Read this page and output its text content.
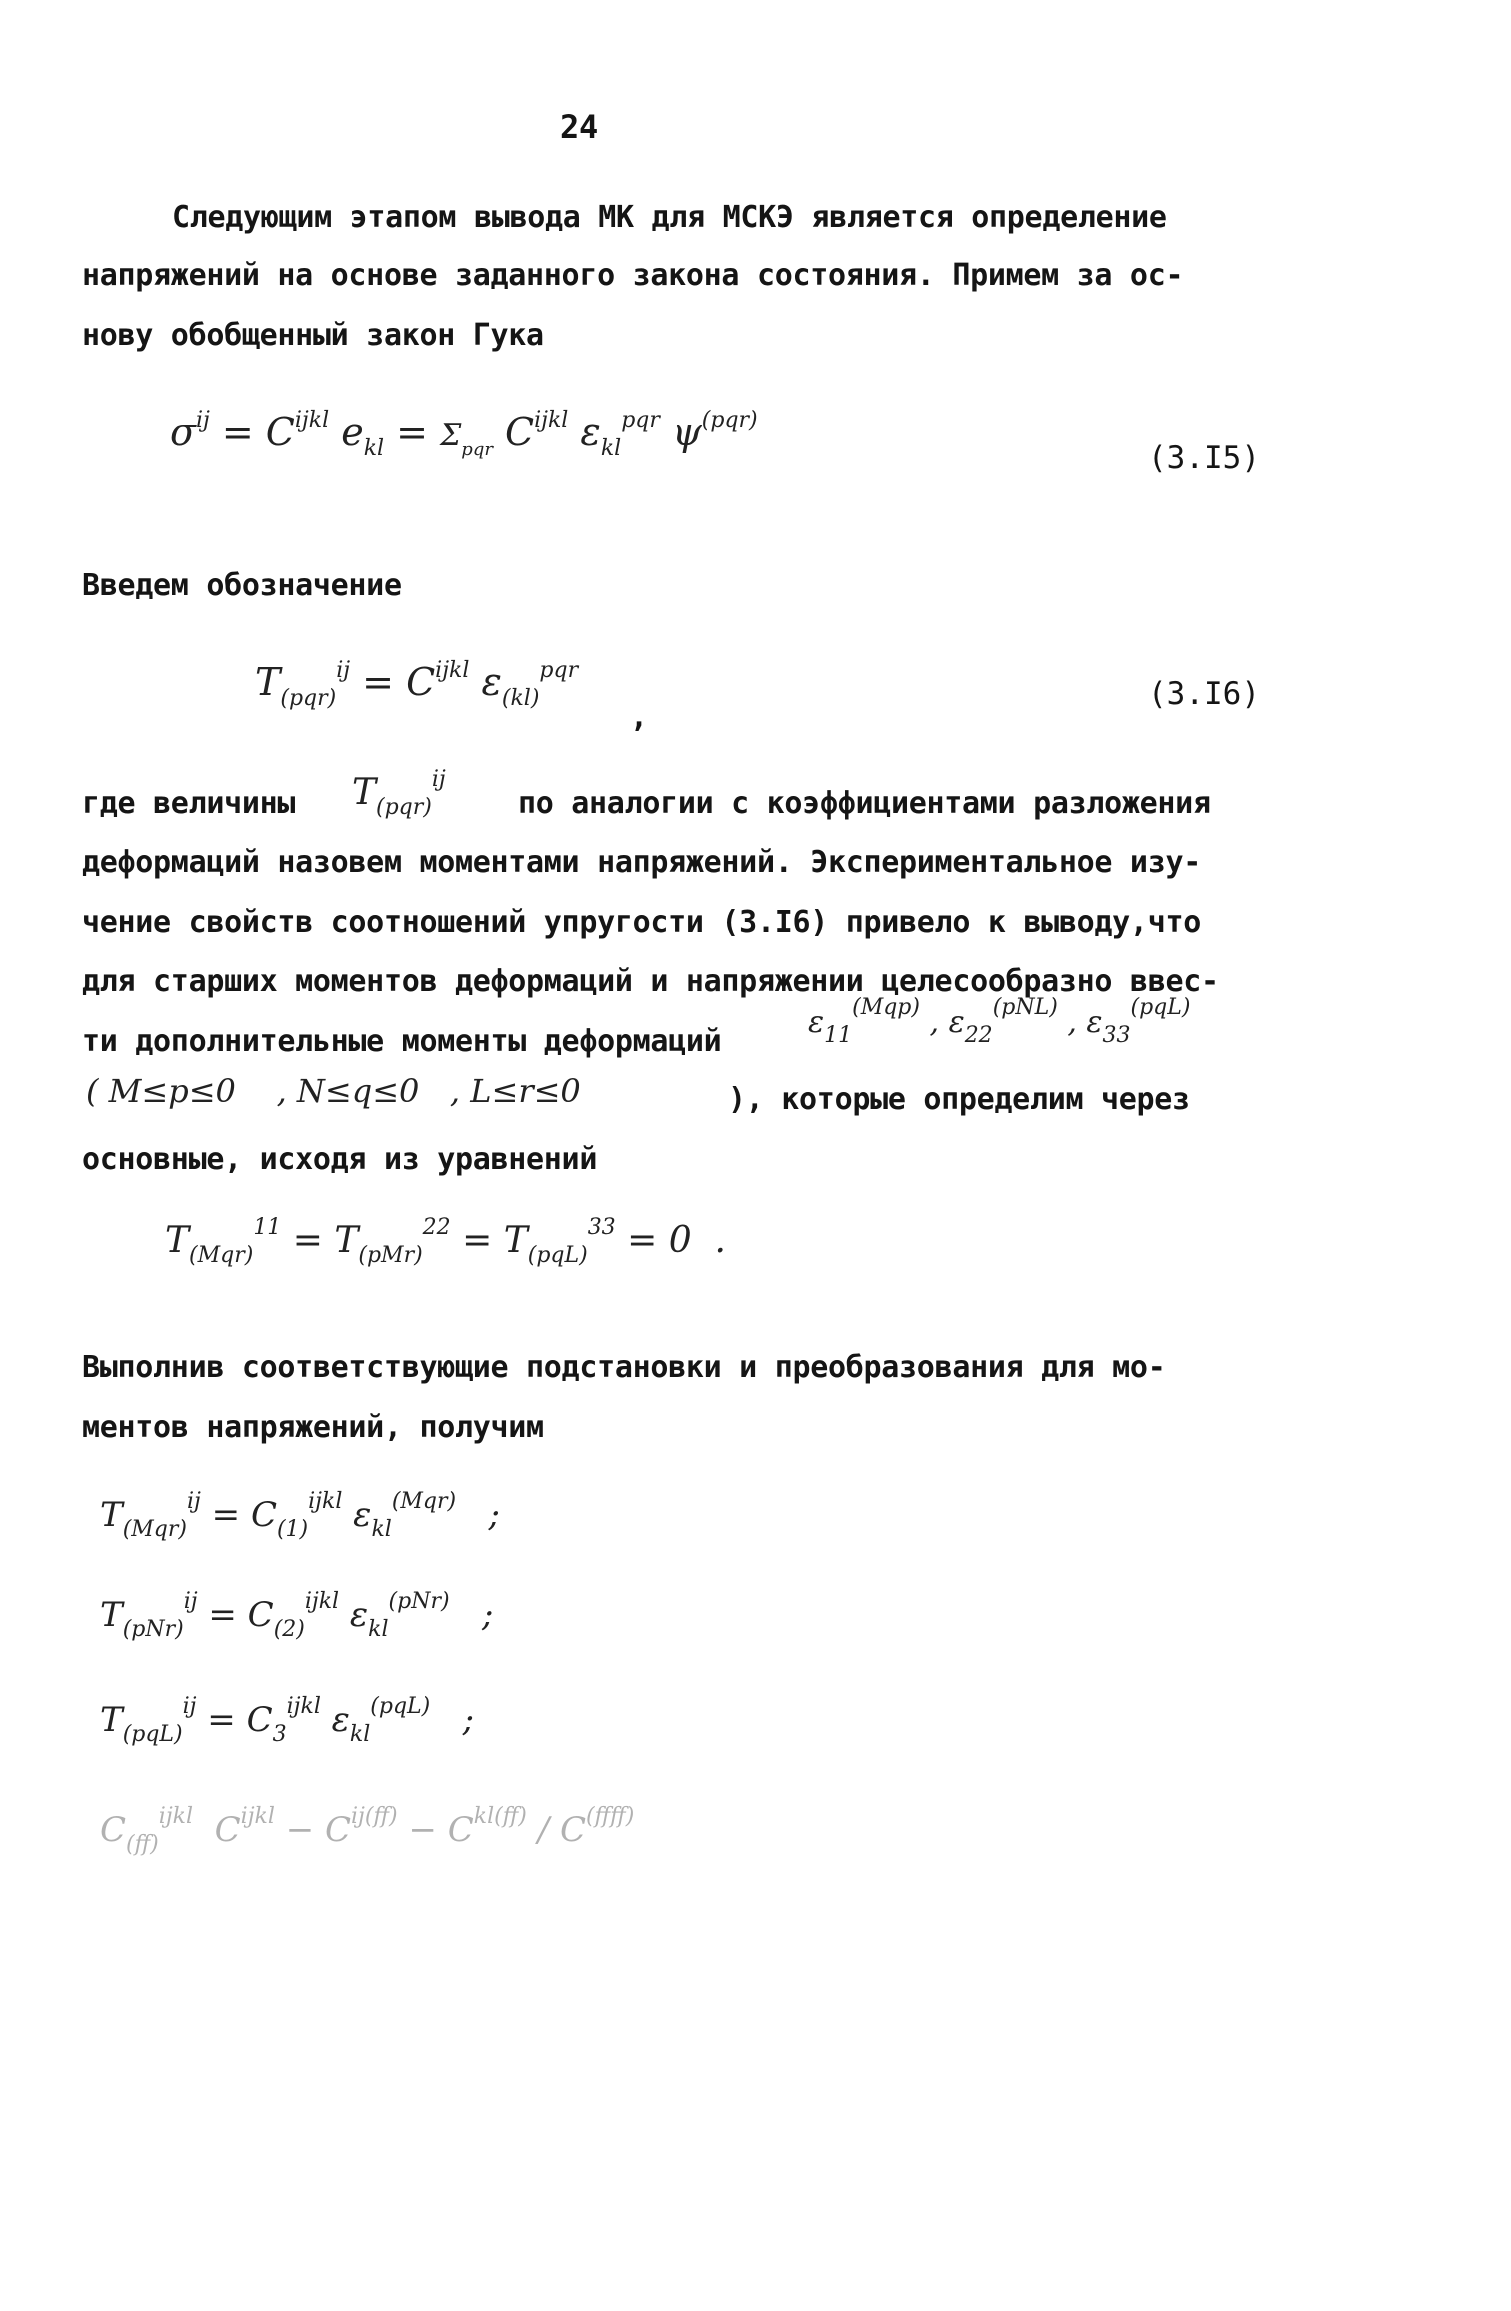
24
Следующим этапом вывода МК для МСКЭ является определение
напряжений на основе заданного закона состояния. Примем за ос-
нову обобщенный закон Гука
$\sigma^{ij} = C^{ijkl}$ $e_{kl} = \Sigma_{pqr}$ $C^{ijkl}$ $\varepsilon_{kl}^{pqr}$ $\psi^{(pqr)}$
(3.I5)
Введем обозначение
$T_{(pqr)}^{ij} = C^{ijkl}$ $\varepsilon_{(kl)}^{pqr}$
,
(3.I6)
где величины $T_{(pqr)}^{ij}$
по аналогии с коэффициентами разложения
деформаций назовем моментами напряжений. Экспериментальное изу-
чение свойств соотношений упругости (3.I6) привело к выводу,что
для старших моментов деформаций и напряжении целесообразно ввес-
ти дополнительные моменты деформаций
$\varepsilon_{11}^{(Mqp)}$ , $\varepsilon_{22}^{(pNL)}$ , $\varepsilon_{33}^{(pqL)}$
( M≤p≤0    , N≤q≤0   , L≤r≤0	), которые определим через
основные, исходя из уравнений
$T_{(Mqr)}^{11} = T_{(pMr)}^{22} = T_{(pqL)}^{33} = 0$  .
Выполнив соответствующие подстановки и преобразования для мо-
ментов напряжений, получим
$T_{(Mqr)}^{ij} = C_{(1)}^{ijkl}$ $\varepsilon_{kl}^{(Mqr)}$   ;
$T_{(pNr)}^{ij} = C_{(2)}^{ijkl}$ $\varepsilon_{kl}^{(pNr)}$   ;
$T_{(pqL)}^{ij} = C_3^{ijkl}$ $\varepsilon_{kl}^{(pqL)}$   ;
$C_{(ff)}^{ijkl}$  $C^{ijkl} - C^{ij(ff)} - C^{kl(ff)} / C^{(ffff)}$
